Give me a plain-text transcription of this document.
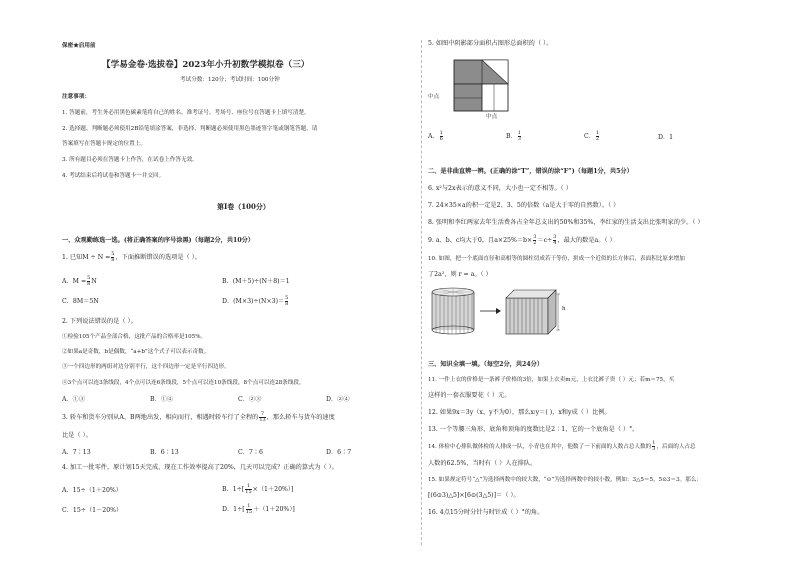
保密★启用前
【学易金卷·选拔卷】2023年小升初数学模拟卷（三）
考试分数：120分；考试时间：100分钟
注意事项：
1. 答题前，考生务必用黑色碳素笔将自己的姓名、准考证号、考场号、座位号在答题卡上填写清楚。
2. 选择题、判断题必须使用2B铅笔填涂答案，非选择、判断题必须使用黑色墨迹签字笔或钢笔答题，请
答案填写在答题卡规定的位置上。
3. 所有题目必须在答题卡上作答，在试卷上作答无效。
4. 考试结束后将试卷和答题卡一并交回。
第Ⅰ卷（100分）
一、众观勤练选一选。(将正确答案的序号涂黑)（每题2分，共10分）
1. 已知$M \div N = \frac{5}{8}$ ，下面推断错误的选项是（ ）。
A．$M = \frac{5}{8}$ N	B．(M＋5)÷(N＋8)＝1
C．8M＝5N	D．$(M\times 3)\div(N\times 3)= \frac{5}{8}$
2. 下列说法错误的是（ ）。
①检验105个产品全部合格，这批产品的合格率是105%。
②如果a是奇数，b是偶数，“a+b”这个式子可以表示奇数。
③一个四边形的两组对边分别平行，这个四边形一定是平行四边形。
④3个点可以连3条线段，4个点可以连6条线段，5个点可以连10条线段，8个点可以连28条线段。
A．①③	B．①④	C．②③	D．②④
3. 轿车和货车分别从A、B两地出发，相向而行，相遇时轿车行了全程的 $\frac{7}{13}$ ，那么轿车与货车的速度
比是（ ）。
A．7∶13	B．6∶13	C．7∶6	D．6∶7
4. 加工一批零件，原计划15天完成，现在工作效率提高了20%，几天可以完成？正确的算式为（ ）。
A．15÷（1＋20%）	B．$1\div[ \frac{1}{15} \times(1+20\%)]$
C．15÷（1－20%）	D．$1\div[ \frac{1}{15} +(1+20\%)]$
5. 如图中阴影部分面积占图形总面积的（ ）。
中点
中点
A． $\frac{1}{6}$	B． $\frac{1}{3}$	C． $\frac{1}{2}$	D．1
二、是非曲直辨一辨。(正确的涂“T”，错误的涂“F”)（每题1分，共5分）
6. x²与2x表示的意义不同，大小也一定不相等。（ ）
7. 24×35×a的积一定是2、3、5的倍数（a是大于零的自然数）。（ ）
8. 张明和李红两家去年生活费各占全年总支出的50%和35%，李红家的生活支出比张明家的少。（ ）
9. a、b、c均大于0，且$a\times 25\%=b\times \frac{3}{2} =c\div \frac{3}{4}$ ，最大的数是a。（ ）
10. 如图，把一个底面直径和高相等的圆柱切成若干等份，拼成一个近似的长方体后，表面积比原来增加
了2a²，则 r = a。（ ）
h
三、知识全填一填。（每空2分，共24分）
11. 一件上衣的价格是一条裤子价格的3倍，如果上衣卖m元，上衣比裤子贵（ ）元；若m＝75，买
这样的一套衣服要花（ ）元。
12. 如果9x＝3y（x、y不为0），那么x∶y＝( )，x和y成（ ）比例。
13. 一个等腰三角形，底角和顶角的度数比是2∶1，它的一个底角是（ ）°。
14. 体检中心排队做体检的人排成一队，小青也在其中，他数了一下前面的人数占总人数的 $\frac{1}{3}$ ，后面的人占总
人数的62.5%，当时有（ ）人在排队。
15. 如果规定符号“△”为选择两数中的较大数，“⊙”为选择两数中的较小数，例如：3△5＝5，5⊙3＝3。那么：
[(6⊙3)△5]×[6⊙(3△5)]＝（ ）。
16. 4点15分时分针与时针成（ ）°的角。
